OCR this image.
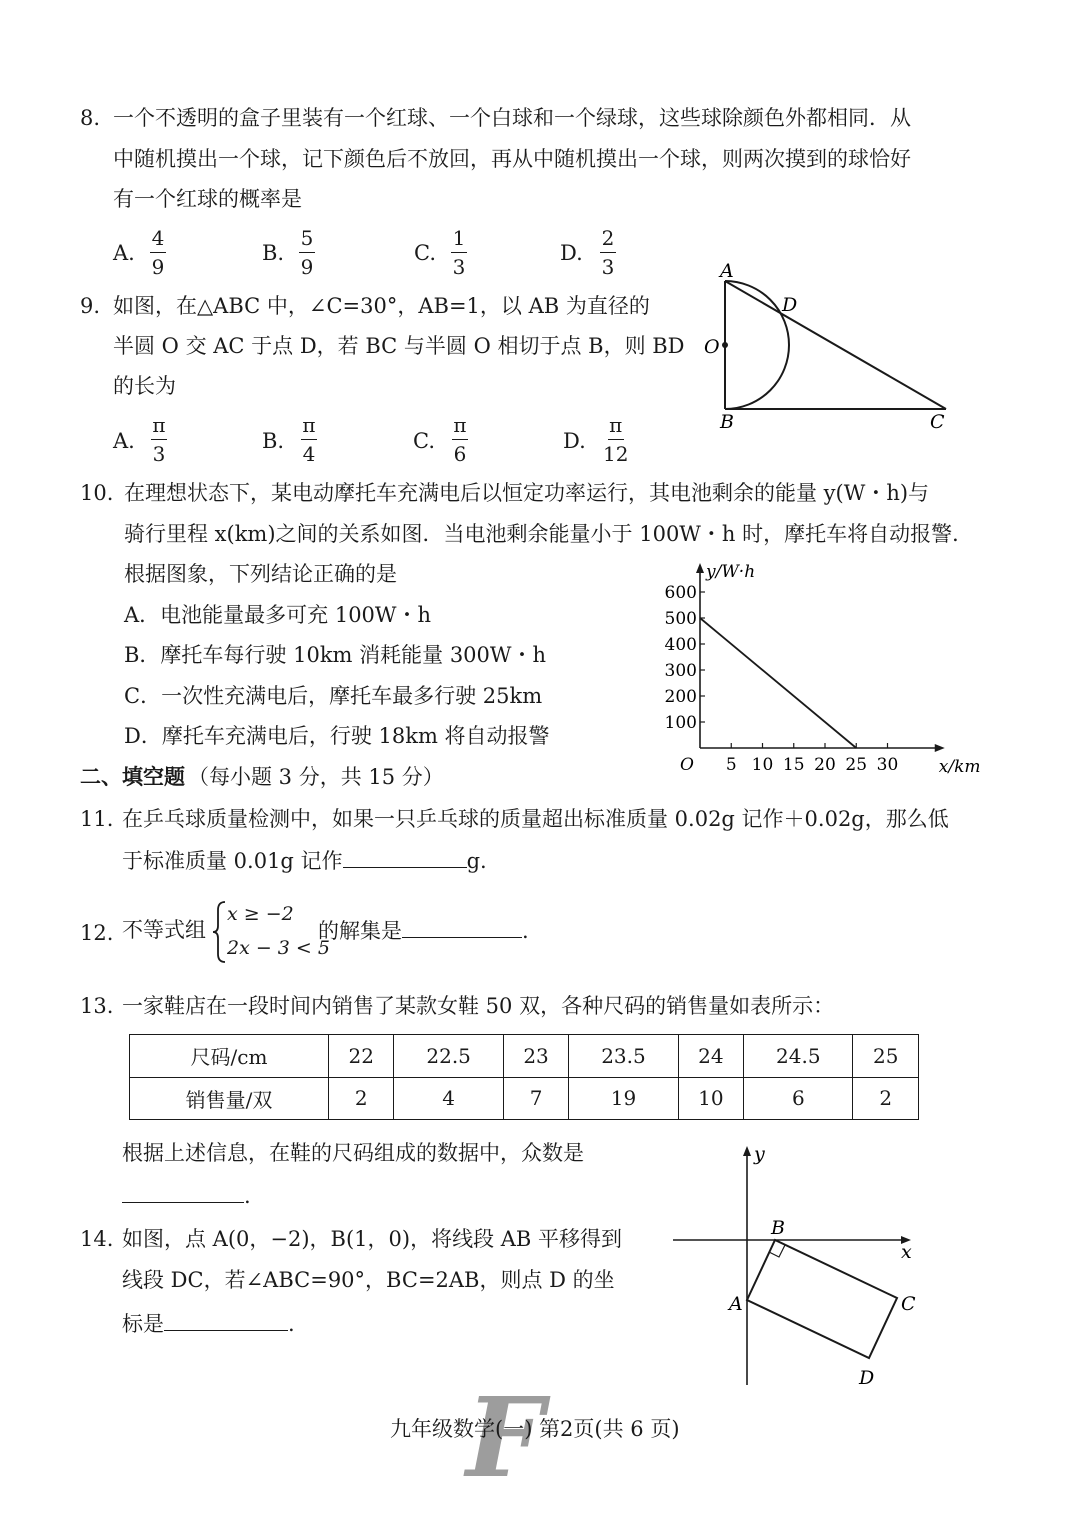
8. 一个不透明的盒子里装有一个红球、一个白球和一个绿球，这些球除颜色外都相同．从
中随机摸出一个球，记下颜色后不放回，再从中随机摸出一个球，则两次摸到的球恰好
有一个红球的概率是
A.
4
9
B.
5
9
C.
1
3
D.
2
3
9. 如图，在△ABC 中，∠C=30°，AB=1，以 AB 为直径的
半圆 O 交 AC 于点 D，若 BC 与半圆 O 相切于点 B，则 BD
的长为
A.
π
3
B.
π
4
C.
π
6
D.
π
12
A
D
O
B	C
10. 在理想状态下，某电动摩托车充满电后以恒定功率运行，其电池剩余的能量 y(W・h)与
骑行里程 x(km)之间的关系如图．当电池剩余能量小于 100W・h 时，摩托车将自动报警．
根据图象，下列结论正确的是
A．电池能量最多可充 100W・h
B．摩托车每行驶 10km 消耗能量 300W・h
C．一次性充满电后，摩托车最多行驶 25km
D．摩托车充满电后，行驶 18km 将自动报警
x/km
y/W·h
O 5 10 15 20 25 30
100
200
300
400
500
600
二、填空题 （每小题 3 分，共 15 分）
11. 在乒乓球质量检测中，如果一只乒乓球的质量超出标准质量 0.02g 记作＋0.02g，那么低
于标准质量 0.01g 记作	g.
12. 不等式组
x ≥ −2
2x − 3 < 5
的解集是	.
13. 一家鞋店在一段时间内销售了某款女鞋 50 双，各种尺码的销售量如表所示：
尺码/cm	22	22.5	23	23.5	24	24.5	25
销售量/双	2	4	7	19	10	6	2
根据上述信息，在鞋的尺码组成的数据中，众数是
.
14. 如图，点 A(0，−2)，B(1，0)，将线段 AB 平移得到
线段 DC，若∠ABC=90°，BC=2AB，则点 D 的坐
标是	.
y
x
B
A	C
D
F
九年级数学(一) 第2页(共 6 页)
